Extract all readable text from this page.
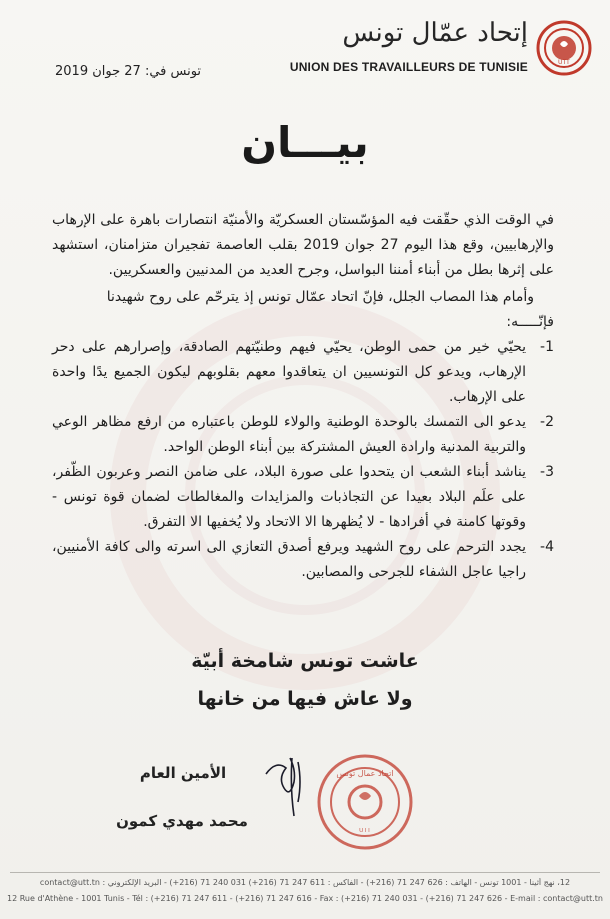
UTT
إتحاد عمّال تونس
UNION DES TRAVAILLEURS DE TUNISIE
تونس في: 27 جوان 2019
بيـــان

في الوقت الذي حقّقت فيه المؤسّستان العسكريّة والأمنيّة انتصارات باهرة على الإرهاب والإرهابيين، وقع هذا اليوم 27 جوان 2019 بقلب العاصمة تفجيران متزامنان، استشهد على إثرها بطل من أبناء أمننا البواسل، وجرح العديد من المدنيين والعسكريين.

وأمام هذا المصاب الجلل، فإنّ اتحاد عمّال تونس إذ يترحّم على روح شهيدنا

فإنّـــــه:

1-
يحيّي خير من حمى الوطن، يحيّي فيهم وطنيّتهم الصادقة، وإصرارهم على دحر الإرهاب، ويدعو كل التونسيين ان يتعاقدوا معهم بقلوبهم ليكون الجميع يدًا واحدة على الإرهاب.
2-
يدعو الى التمسك بالوحدة الوطنية والولاء للوطن باعتباره من ارفع مظاهر الوعي والتربية المدنية وارادة العيش المشتركة بين أبناء الوطن الواحد.
3-
يناشد أبناء الشعب ان يتحدوا على صورة البلاد، على ضامن النصر وعربون الظّفر، على علَم البلاد بعيدا عن التجاذبات والمزايدات والمغالطات لضمان قوة تونس - وقوتها كامنة في أفرادها - لا يُظهرها الا الاتحاد ولا يُخفيها الا التفرق.
4-
يجدد الترحم على روح الشهيد ويرفع أصدق التعازي الى اسرته والى كافة الأمنيين، راجيا عاجل الشفاء للجرحى والمصابين.
عاشت تونس شامخة أبيّة
ولا عاش فيها من خانها
الأمين العام
محمد مهدي كمون
اتحاد عمال تونس
UTT
12، نهج أثينا - 1001 تونس - الهاتف : 626 247 71 (216+) - الفاكس : 611 247 71 (216+) 031 240 71 (216+) - البريد الإلكتروني : contact@utt.tn
12 Rue d'Athène - 1001 Tunis - Tél : (+216) 71 247 611 - (+216) 71 247 616 - Fax : (+216) 71 240 031 - (+216) 71 247 626 - E-mail : contact@utt.tn
